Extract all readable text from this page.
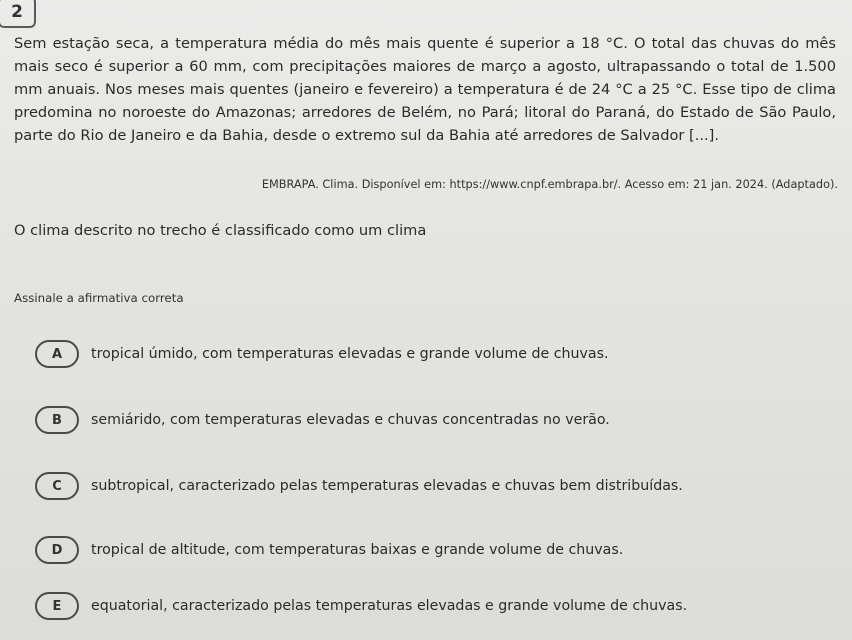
2
Sem estação seca, a temperatura média do mês mais quente é superior a 18 °C. O total das chuvas do mês mais seco é superior a 60 mm, com precipitações maiores de março a agosto, ultrapassando o total de 1.500 mm anuais. Nos meses mais quentes (janeiro e fevereiro) a temperatura é de 24 °C a 25 °C. Esse tipo de clima predomina no noroeste do Amazonas; arredores de Belém, no Pará; litoral do Paraná, do Estado de São Paulo, parte do Rio de Janeiro e da Bahia, desde o extremo sul da Bahia até arredores de Salvador [...].
EMBRAPA. Clima. Disponível em: https://www.cnpf.embrapa.br/. Acesso em: 21 jan. 2024. (Adaptado).
O clima descrito no trecho é classificado como um clima
Assinale a afirmativa correta
A	tropical úmido, com temperaturas elevadas e grande volume de chuvas.
B	semiárido, com temperaturas elevadas e chuvas concentradas no verão.
C	subtropical, caracterizado pelas temperaturas elevadas e chuvas bem distribuídas.
D	tropical de altitude, com temperaturas baixas e grande volume de chuvas.
E	equatorial, caracterizado pelas temperaturas elevadas e grande volume de chuvas.
